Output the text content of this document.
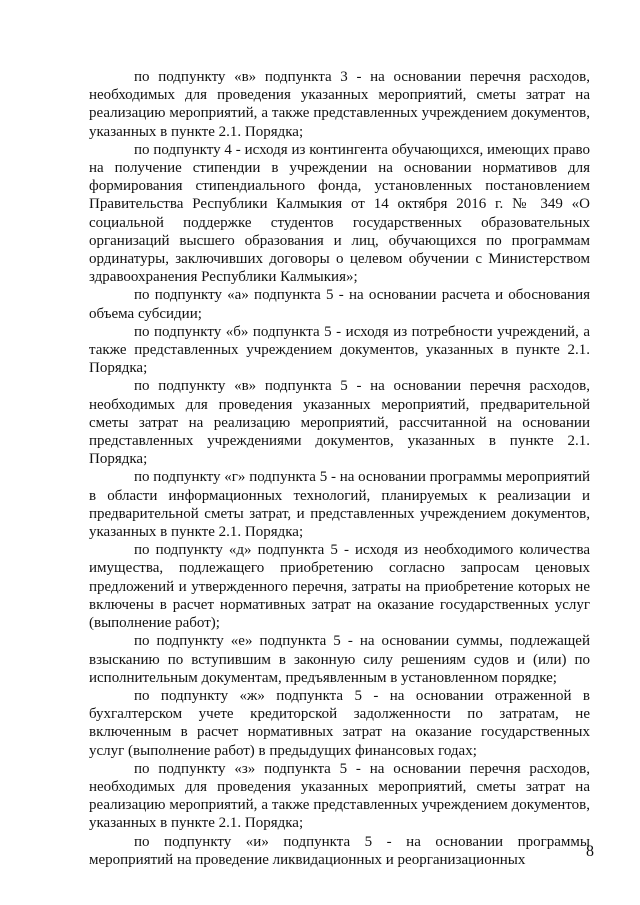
по подпункту «в» подпункта 3 - на основании перечня расходов, необходимых для проведения указанных мероприятий, сметы затрат на реализацию мероприятий, а также представленных учреждением документов, указанных в пункте 2.1. Порядка;

по подпункту 4 - исходя из контингента обучающихся, имеющих право на получение стипендии в учреждении на основании нормативов для формирования стипендиального фонда, установленных постановлением Правительства Республики Калмыкия от 14 октября 2016 г. № 349 «О социальной поддержке студентов государственных образовательных организаций высшего образования и лиц, обучающихся по программам ординатуры, заключивших договоры о целевом обучении с Министерством здравоохранения Республики Калмыкия»;

по подпункту «а» подпункта 5 - на основании расчета и обоснования объема субсидии;

по подпункту «б» подпункта 5 - исходя из потребности учреждений, а также представленных учреждением документов, указанных в пункте 2.1. Порядка;

по подпункту «в» подпункта 5 - на основании перечня расходов, необходимых для проведения указанных мероприятий, предварительной сметы затрат на реализацию мероприятий, рассчитанной на основании представленных учреждениями документов, указанных в пункте 2.1. Порядка;

по подпункту «г» подпункта 5 - на основании программы мероприятий в области информационных технологий, планируемых к реализации и предварительной сметы затрат, и представленных учреждением документов, указанных в пункте 2.1. Порядка;

по подпункту «д» подпункта 5 - исходя из необходимого количества имущества, подлежащего приобретению согласно запросам ценовых предложений и утвержденного перечня, затраты на приобретение которых не включены в расчет нормативных затрат на оказание государственных услуг (выполнение работ);

по подпункту «е» подпункта 5 - на основании суммы, подлежащей взысканию по вступившим в законную силу решениям судов и (или) по исполнительным документам, предъявленным в установленном порядке;

по подпункту «ж» подпункта 5 - на основании отраженной в бухгалтерском учете кредиторской задолженности по затратам, не включенным в расчет нормативных затрат на оказание государственных услуг (выполнение работ) в предыдущих финансовых годах;

по подпункту «з» подпункта 5 - на основании перечня расходов, необходимых для проведения указанных мероприятий, сметы затрат на реализацию мероприятий, а также представленных учреждением документов, указанных в пункте 2.1. Порядка;

по подпункту «и» подпункта 5 - на основании программы мероприятий на проведение ликвидационных и реорганизационных	8
